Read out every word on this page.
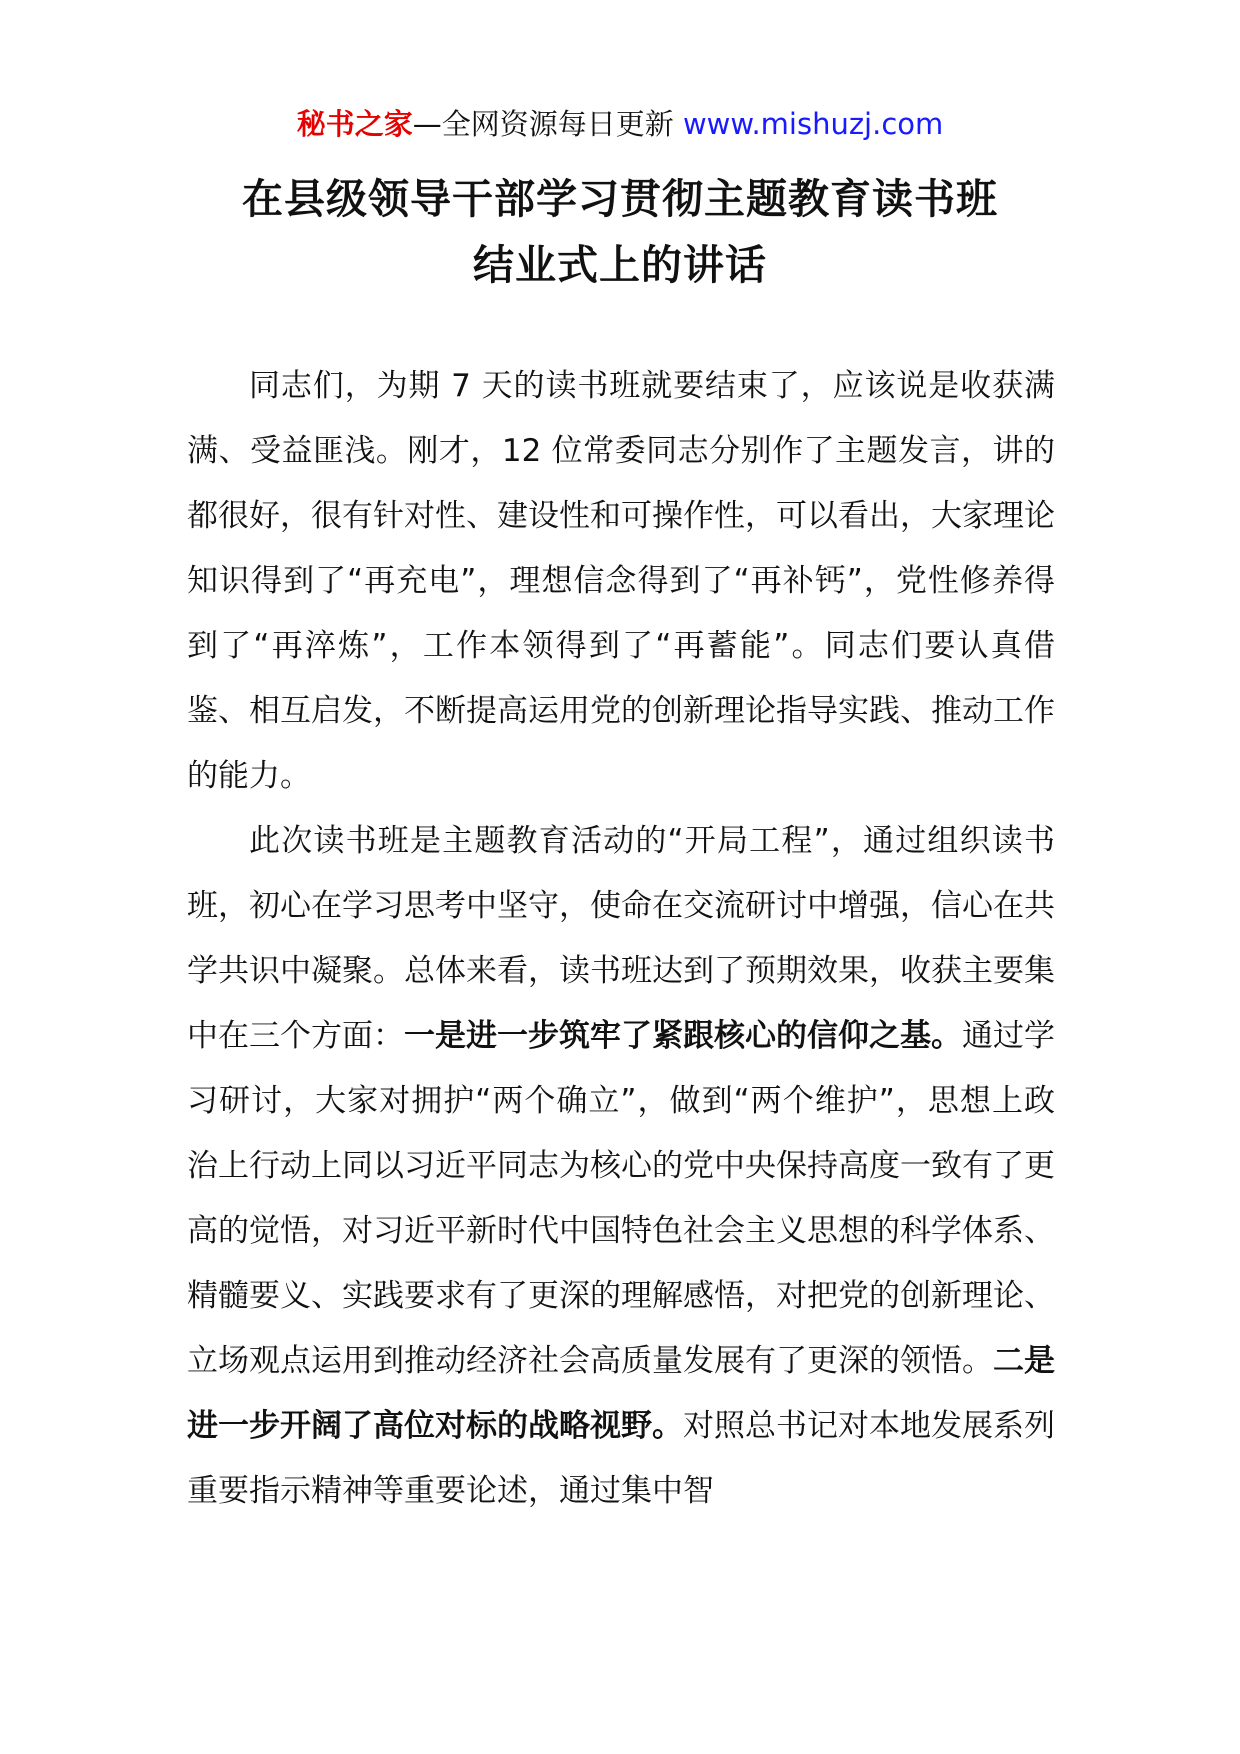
秘书之家—全网资源每日更新 www.mishuzj.com
在县级领导干部学习贯彻主题教育读书班
结业式上的讲话

同志们，为期 7 天的读书班就要结束了，应该说是收获满满、受益匪浅。刚才，12 位常委同志分别作了主题发言，讲的都很好，很有针对性、建设性和可操作性，可以看出，大家理论知识得到了“再充电”，理想信念得到了“再补钙”，党性修养得到了“再淬炼”，工作本领得到了“再蓄能”。同志们要认真借鉴、相互启发，不断提高运用党的创新理论指导实践、推动工作的能力。

此次读书班是主题教育活动的“开局工程”，通过组织读书班，初心在学习思考中坚守，使命在交流研讨中增强，信心在共学共识中凝聚。总体来看，读书班达到了预期效果，收获主要集中在三个方面：一是进一步筑牢了紧跟核心的信仰之基。通过学习研讨，大家对拥护“两个确立”，做到“两个维护”，思想上政治上行动上同以习近平同志为核心的党中央保持高度一致有了更高的觉悟，对习近平新时代中国特色社会主义思想的科学体系、精髓要义、实践要求有了更深的理解感悟，对把党的创新理论、立场观点运用到推动经济社会高质量发展有了更深的领悟。二是进一步开阔了高位对标的战略视野。对照总书记对本地发展系列重要指示精神等重要论述，通过集中智
